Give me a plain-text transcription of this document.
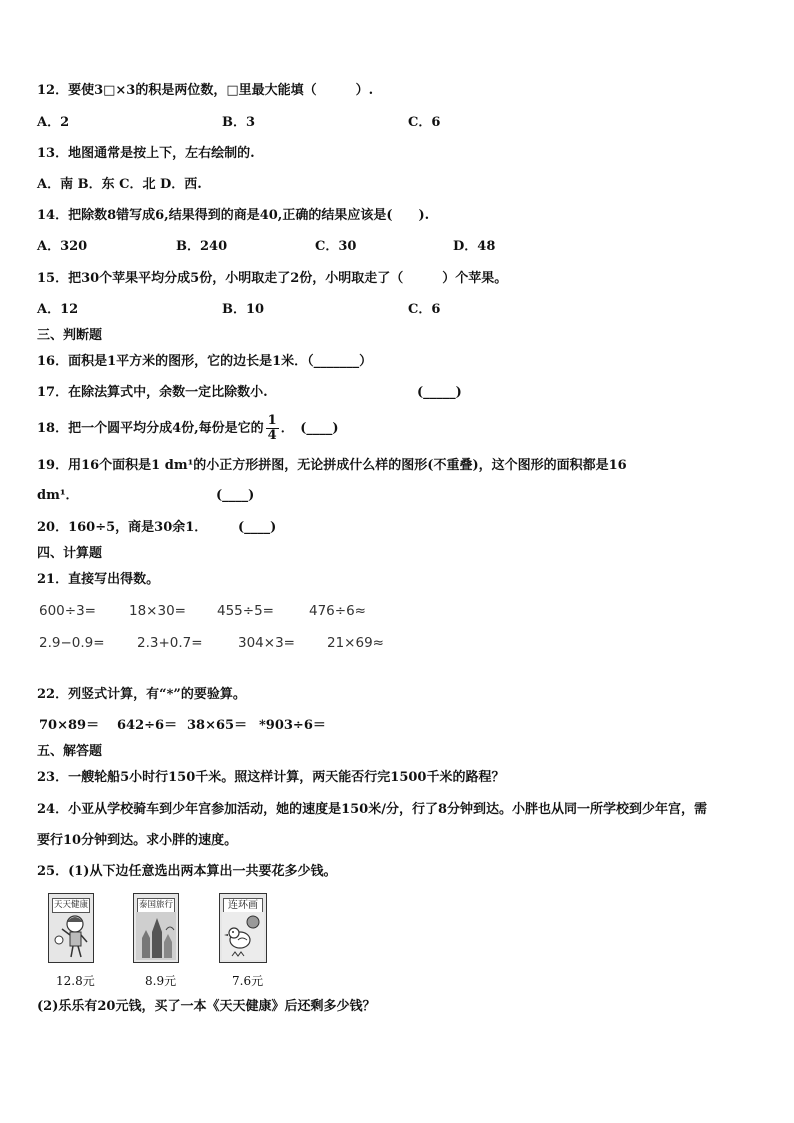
12．要使3□×3的积是两位数，□里最大能填（　　　）.
A．2	B．3	C．6
13．地图通常是按上下，左右绘制的.
A．南 B．东 C．北 D．西.
14．把除数8错写成6,结果得到的商是40,正确的结果应该是(　　).
A．320	B．240	C．30	D．48
15．把30个苹果平均分成5份，小明取走了2份，小明取走了（　　　）个苹果。
A．12	B．10	C．6
三、判断题
16．面积是1平方米的图形，它的边长是1米．（_______）
17．在除法算式中，余数一定比除数小.	(_____)
18．把一个圆平均分成4份,每份是它的 $\frac{1}{4}$ ．　(____)
19．用16个面积是1 dm¹的小正方形拼图，无论拼成什么样的图形(不重叠)，这个图形的面积都是16
dm¹．	(____)
20．160÷5，商是30余1． (____)
四、计算题
21．直接写出得数。
600÷3= 18×30= 455÷5=	476÷6≈
2.9−0.9= 2.3+0.7=	304×3= 21×69≈
22．列竖式计算，有“*”的要验算。
70×89＝ 642÷6＝ 38×65＝ *903÷6＝
五、解答题
23．一艘轮船5小时行150千米。照这样计算，两天能否行完1500千米的路程？
24．小亚从学校骑车到少年宫参加活动，她的速度是150米/分，行了8分钟到达。小胖也从同一所学校到少年宫，需
要行10分钟到达。求小胖的速度。
25．(1)从下边任意选出两本算出一共要花多少钱。
天天健康
12.8元
泰国旅行
8.9元
连环画
7.6元
(2)乐乐有20元钱，买了一本《天天健康》后还剩多少钱？
